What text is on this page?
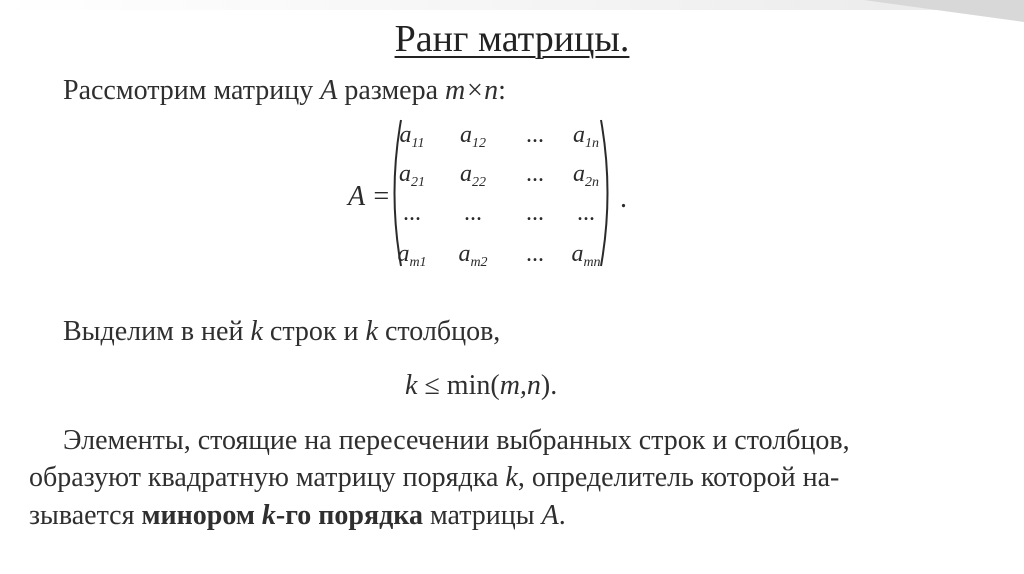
Ранг матрицы.
Рассмотрим матрицу A размера m×n:
A =
$a_{11}$	$a_{12}$	...	$a_{1n}$
$a_{21}$	$a_{22}$	...	$a_{2n}$
...	...	...	...
$a_{m1}$	$a_{m2}$	...	$a_{mn}$
.
Выделим в ней k строк и k столбцов,
k ≤ min(m,n).
Элементы, стоящие на пересечении выбранных строк и столбцов,
образуют квадратную матрицу порядка k, определитель которой на-
зывается минором k-го порядка матрицы A.
